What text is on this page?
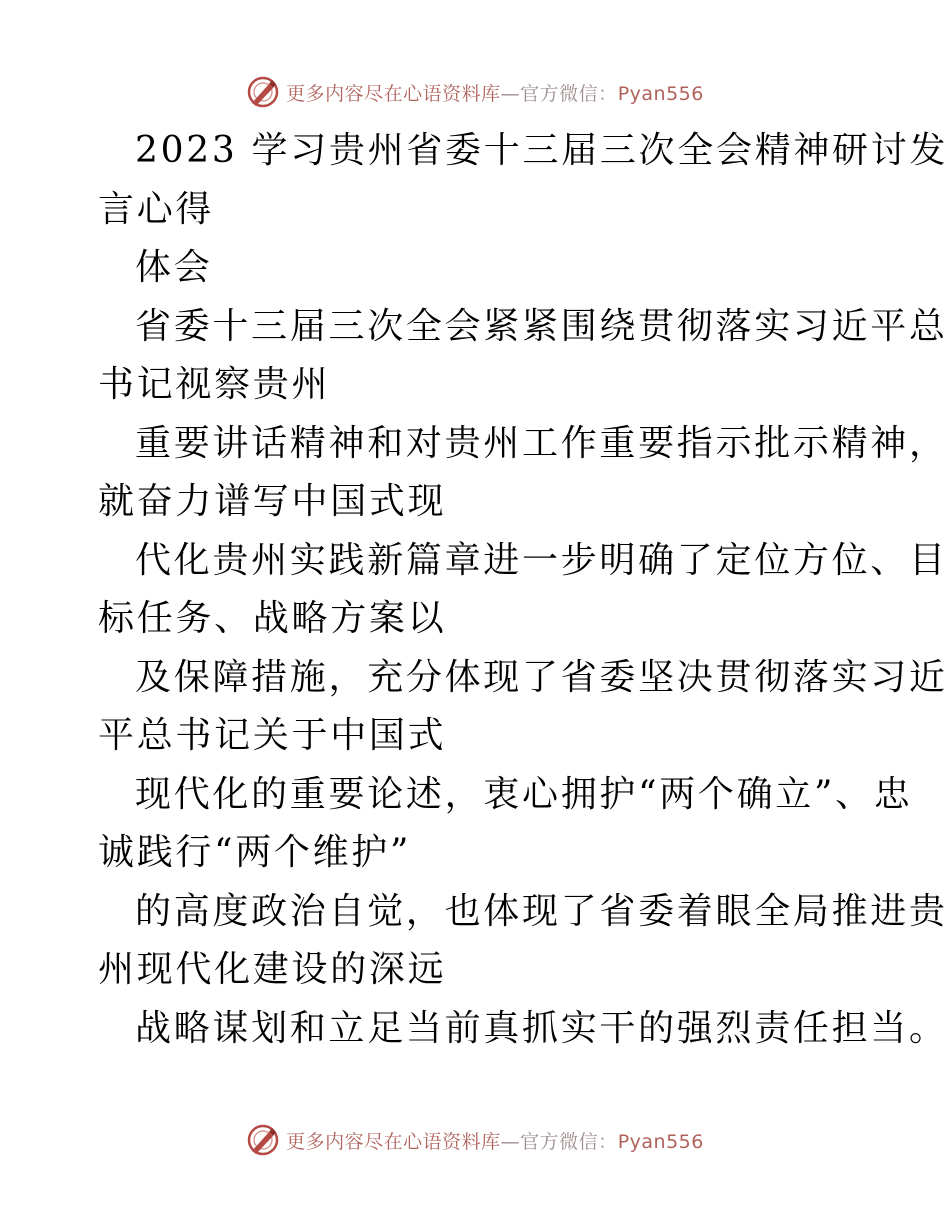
更多内容尽在心语资料库—官方微信：Pyan556
2023 学习贵州省委十三届三次全会精神研讨发
言心得
体会
省委十三届三次全会紧紧围绕贯彻落实习近平总
书记视察贵州
重要讲话精神和对贵州工作重要指示批示精神，
就奋力谱写中国式现
代化贵州实践新篇章进一步明确了定位方位、目
标任务、战略方案以
及保障措施，充分体现了省委坚决贯彻落实习近
平总书记关于中国式
现代化的重要论述，衷心拥护“两个确立”、忠
诚践行“两个维护”
的高度政治自觉，也体现了省委着眼全局推进贵
州现代化建设的深远
战略谋划和立足当前真抓实干的强烈责任担当。
更多内容尽在心语资料库—官方微信：Pyan556
